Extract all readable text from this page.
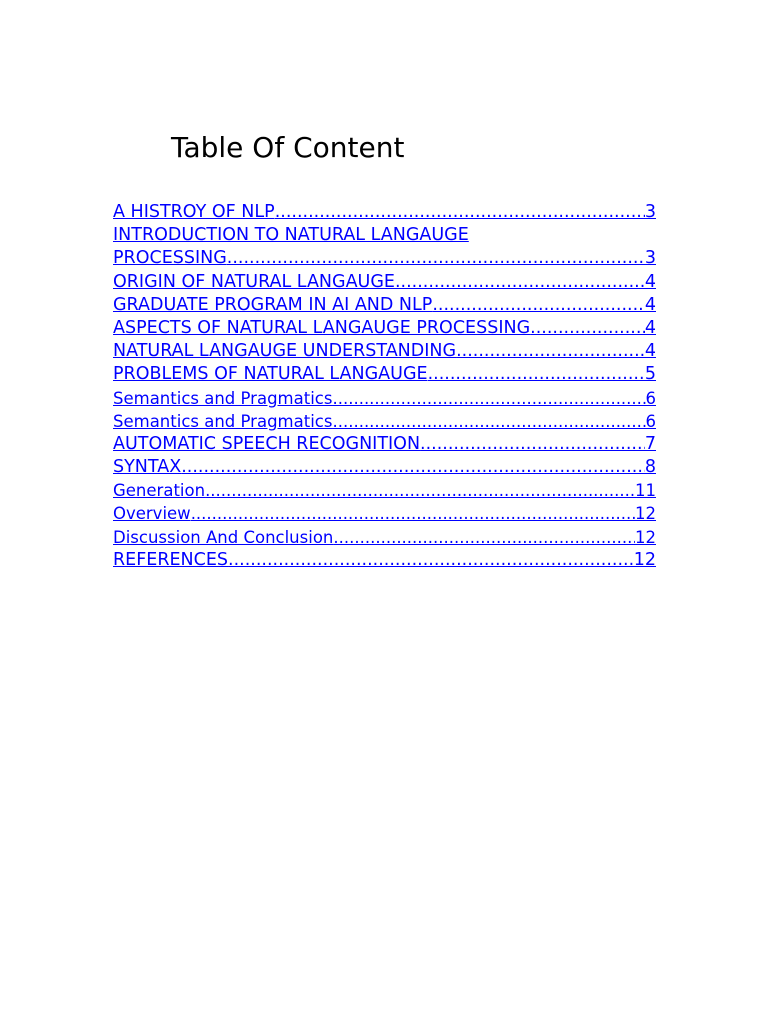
Table Of Content
A HISTROY OF NLP .....	3
INTRODUCTION TO NATURAL LANGAUGE
PROCESSING .....	3
ORIGIN OF NATURAL LANGAUGE .....	4
GRADUATE PROGRAM IN AI AND NLP .....	4
ASPECTS OF NATURAL LANGAUGE PROCESSING .....	4
NATURAL LANGAUGE UNDERSTANDING .....	4
PROBLEMS OF NATURAL LANGAUGE .....	5
Semantics and Pragmatics .....	6
Semantics and Pragmatics .....	6
AUTOMATIC SPEECH RECOGNITION .....	7
SYNTAX .....	8
Generation .....	11
Overview .....	12
Discussion And Conclusion .....	12
REFERENCES .....	12
